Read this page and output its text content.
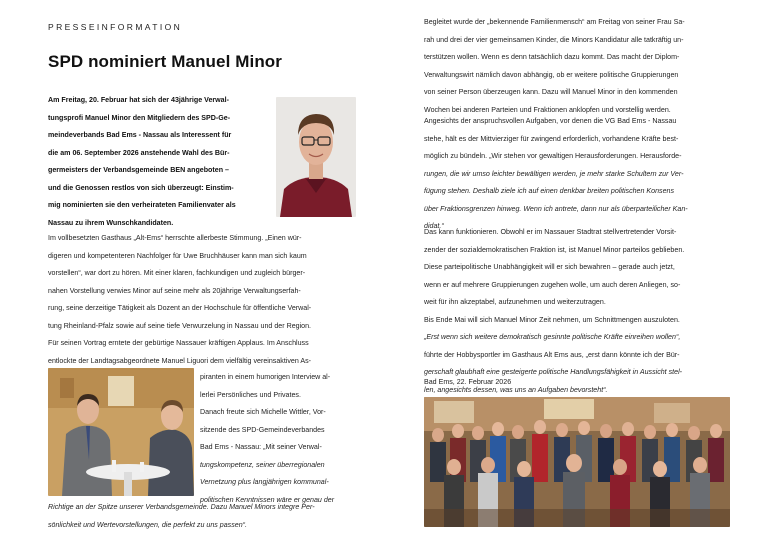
PRESSEINFORMATION
SPD nominiert Manuel Minor
Am Freitag, 20. Februar hat sich der 43jährige Verwal-
tungsprofi Manuel Minor den Mitgliedern des SPD-Ge-
meindeverbands Bad Ems - Nassau als Interessent für
die am 06. September 2026 anstehende Wahl des Bür-
germeisters der Verbandsgemeinde BEN angeboten –
und die Genossen restlos von sich überzeugt: Einstim-
mig nominierten sie den verheirateten Familienvater als
Nassau zu ihrem Wunschkandidaten.
Im vollbesetzten Gasthaus „Alt-Ems“ herrschte allerbeste Stimmung. „Einen wür-
digeren und kompetenteren Nachfolger für Uwe Bruchhäuser kann man sich kaum
vorstellen“, war dort zu hören. Mit einer klaren, fachkundigen und zugleich bürger-
nahen Vorstellung verwies Minor auf seine mehr als 20jährige Verwaltungserfah-
rung, seine derzeitige Tätigkeit als Dozent an der Hochschule für öffentliche Verwal-
tung Rheinland-Pfalz sowie auf seine tiefe Verwurzelung in Nassau und der Region.
Für seinen Vortrag erntete der gebürtige Nassauer kräftigen Applaus. Im Anschluss
entlockte der Landtagsabgeordnete Manuel Liguori dem vielfältig vereinsaktiven As-
piranten in einem humorigen Interview al-
lerlei Persönliches und Privates.
Danach freute sich Michelle Wittler, Vor-
sitzende des SPD-Gemeindeverbandes
Bad Ems - Nassau: „Mit seiner Verwal-
tungskompetenz, seiner überregionalen
Vernetzung plus langjährigen kommunal-
politischen Kenntnissen wäre er genau der
Richtige an der Spitze unserer Verbandsgemeinde. Dazu Manuel Minors integre Per-
sönlichkeit und Wertevorstellungen, die perfekt zu uns passen“.
Begleitet wurde der „bekennende Familienmensch“ am Freitag von seiner Frau Sa-
rah und drei der vier gemeinsamen Kinder, die Minors Kandidatur alle tatkräftig un-
terstützen wollen. Wenn es denn tatsächlich dazu kommt. Das macht der Diplom-
Verwaltungswirt nämlich davon abhängig, ob er weitere politische Gruppierungen
von seiner Person überzeugen kann. Dazu will Manuel Minor in den kommenden
Wochen bei anderen Parteien und Fraktionen anklopfen und vorstellig werden.
Angesichts der anspruchsvollen Aufgaben, vor denen die VG Bad Ems - Nassau
stehe, hält es der Mittvierziger für zwingend erforderlich, vorhandene Kräfte best-
möglich zu bündeln. „Wir stehen vor gewaltigen Herausforderungen. Herausforde-
rungen, die wir umso leichter bewältigen werden, je mehr starke Schultern zur Ver-
fügung stehen. Deshalb ziele ich auf einen denkbar breiten politischen Konsens
über Fraktionsgrenzen hinweg. Wenn ich antrete, dann nur als überparteilicher Kan-
didat.“
Das kann funktionieren. Obwohl er im Nassauer Stadtrat stellvertretender Vorsit-
zender der sozialdemokratischen Fraktion ist, ist Manuel Minor parteilos geblieben.
Diese parteipolitische Unabhängigkeit will er sich bewahren – gerade auch jetzt,
wenn er auf mehrere Gruppierungen zugehen wolle, um auch deren Anliegen, so-
weit für ihn akzeptabel, aufzunehmen und weiterzutragen.
Bis Ende Mai will sich Manuel Minor Zeit nehmen, um Schnittmengen auszuloten.
„Erst wenn sich weitere demokratisch gesinnte politische Kräfte einreihen wollen“,
führte der Hobbysportler im Gasthaus Alt Ems aus, „erst dann könnte ich der Bür-
gerschaft glaubhaft eine gesteigerte politische Handlungsfähigkeit in Aussicht stel-
len, angesichts dessen, was uns an Aufgaben bevorsteht“.
Bad Ems, 22. Februar 2026
